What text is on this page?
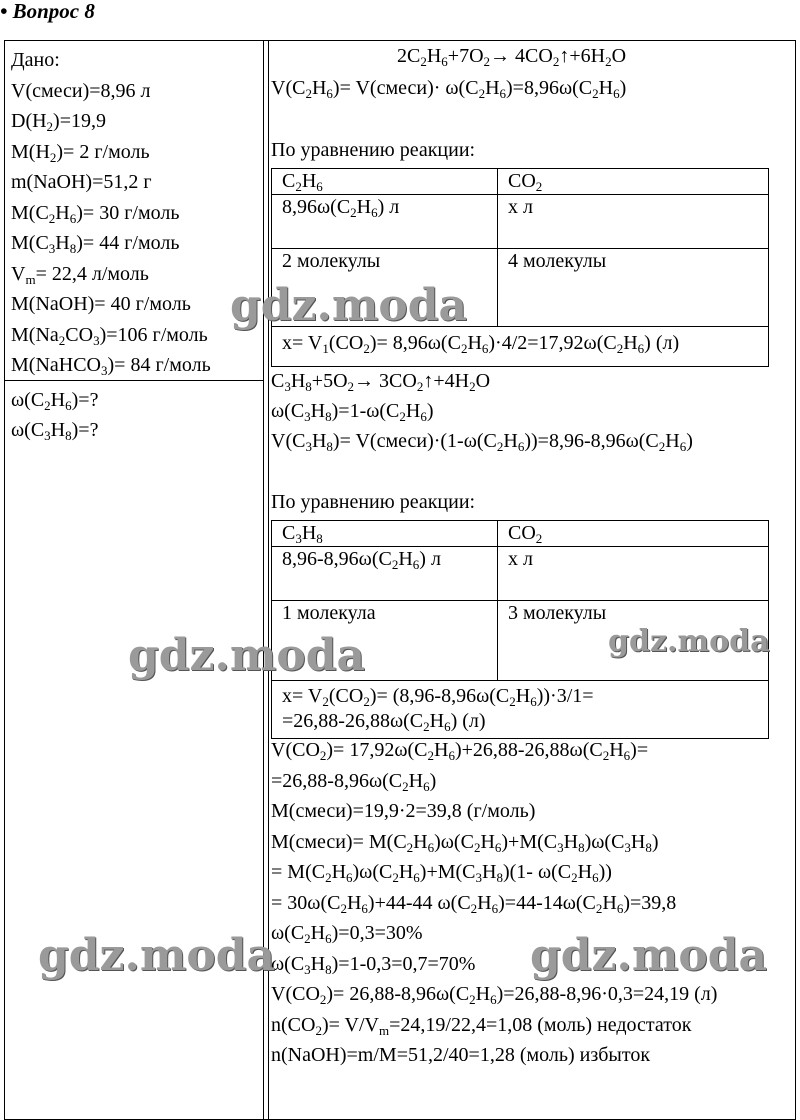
• Вопрос 8
Дано:
V(смеси)=8,96 л
$D(H_2)=19,9$
$M(H_2)= 2$ г/моль
m(NaOH)=51,2 г
$M(C_2H_6)= 30$ г/моль
$M(C_3H_8)= 44$ г/моль
$V_m= 22,4$ л/моль
M(NaOH)= 40 г/моль
$M(Na_2CO_3)=106$ г/моль
M(NaHCO$_3$)= 84 г/моль
$\omega(C_2H_6)=$?
$\omega(C_3H_8)=$?
$2C_2H_6+7O_2\to$ $4CO_2↑+6H_2O$
$V(C_2H_6)=$ V(смеси)· $\omega(C_2H_6)=8,96\omega(C_2H_6)$
По уравнению реакции:
$C_2H_6$	$CO_2$
$8,96\omega(C_2H_6)$ л	х л
2 молекулы	4 молекулы
$x= V_1(CO_2)= 8,96\omega(C_2H_6)\cdot 4/2=17,92\omega(C_2H_6)$ (л)	
$C_3H_8+5O_2\to$ $3CO_2↑+4H_2O$
$\omega(C_3H_8)=1-\omega(C_2H_6)$
$V(C_3H_8)=$ $V(смеси)\cdot(1-\omega(C_2H_6))=8,96-8,96\omega(C_2H_6)$
По уравнению реакции:
$C_3H_8$	$CO_2$
$8,96-8,96\omega(C_2H_6)$ л	х л
1 молекула	3 молекулы

$x= V_2(CO_2)= (8,96-8,96\omega(C_2H_6))\cdot 3/1=$
$=26,88-26,88\omega(C_2H_6)$ (л)	
$V(CO_2)= 17,92\omega(C_2H_6)+26,88-26,88\omega(C_2H_6)=$
$=26,88-8,96\omega(C_2H_6)$
M(смеси)=19,9·2=39,8 (г/моль)
M(смеси)= $M(C_2H_6)\omega(C_2H_6)+M(C_3H_8)\omega(C_3H_8)$
= $M(C_2H_6)\omega(C_2H_6)+M(C_3H_8)(1-$ $\omega(C_2H_6)$)
= $30\omega(C_2H_6)+44-44$ $\omega(C_2H_6)=44-14\omega(C_2H_6)=39,8$
$\omega(C_2H_6)=0,3=30\%$
$\omega(C_3H_8)=1-0,3=0,7=70\%$
$V(CO_2)= 26,88-8,96\omega(C_2H_6)=26,88-8,96\cdot 0,3=24,19$ (л)
$n(CO_2)= V/V_m=24,19/22,4=1,08$ (моль) недостаток
n(NaOH)=m/M=51,2/40=1,28 (моль) избыток
gdz.moda
gdz.moda	gdz.moda
gdz.moda	gdz.moda
